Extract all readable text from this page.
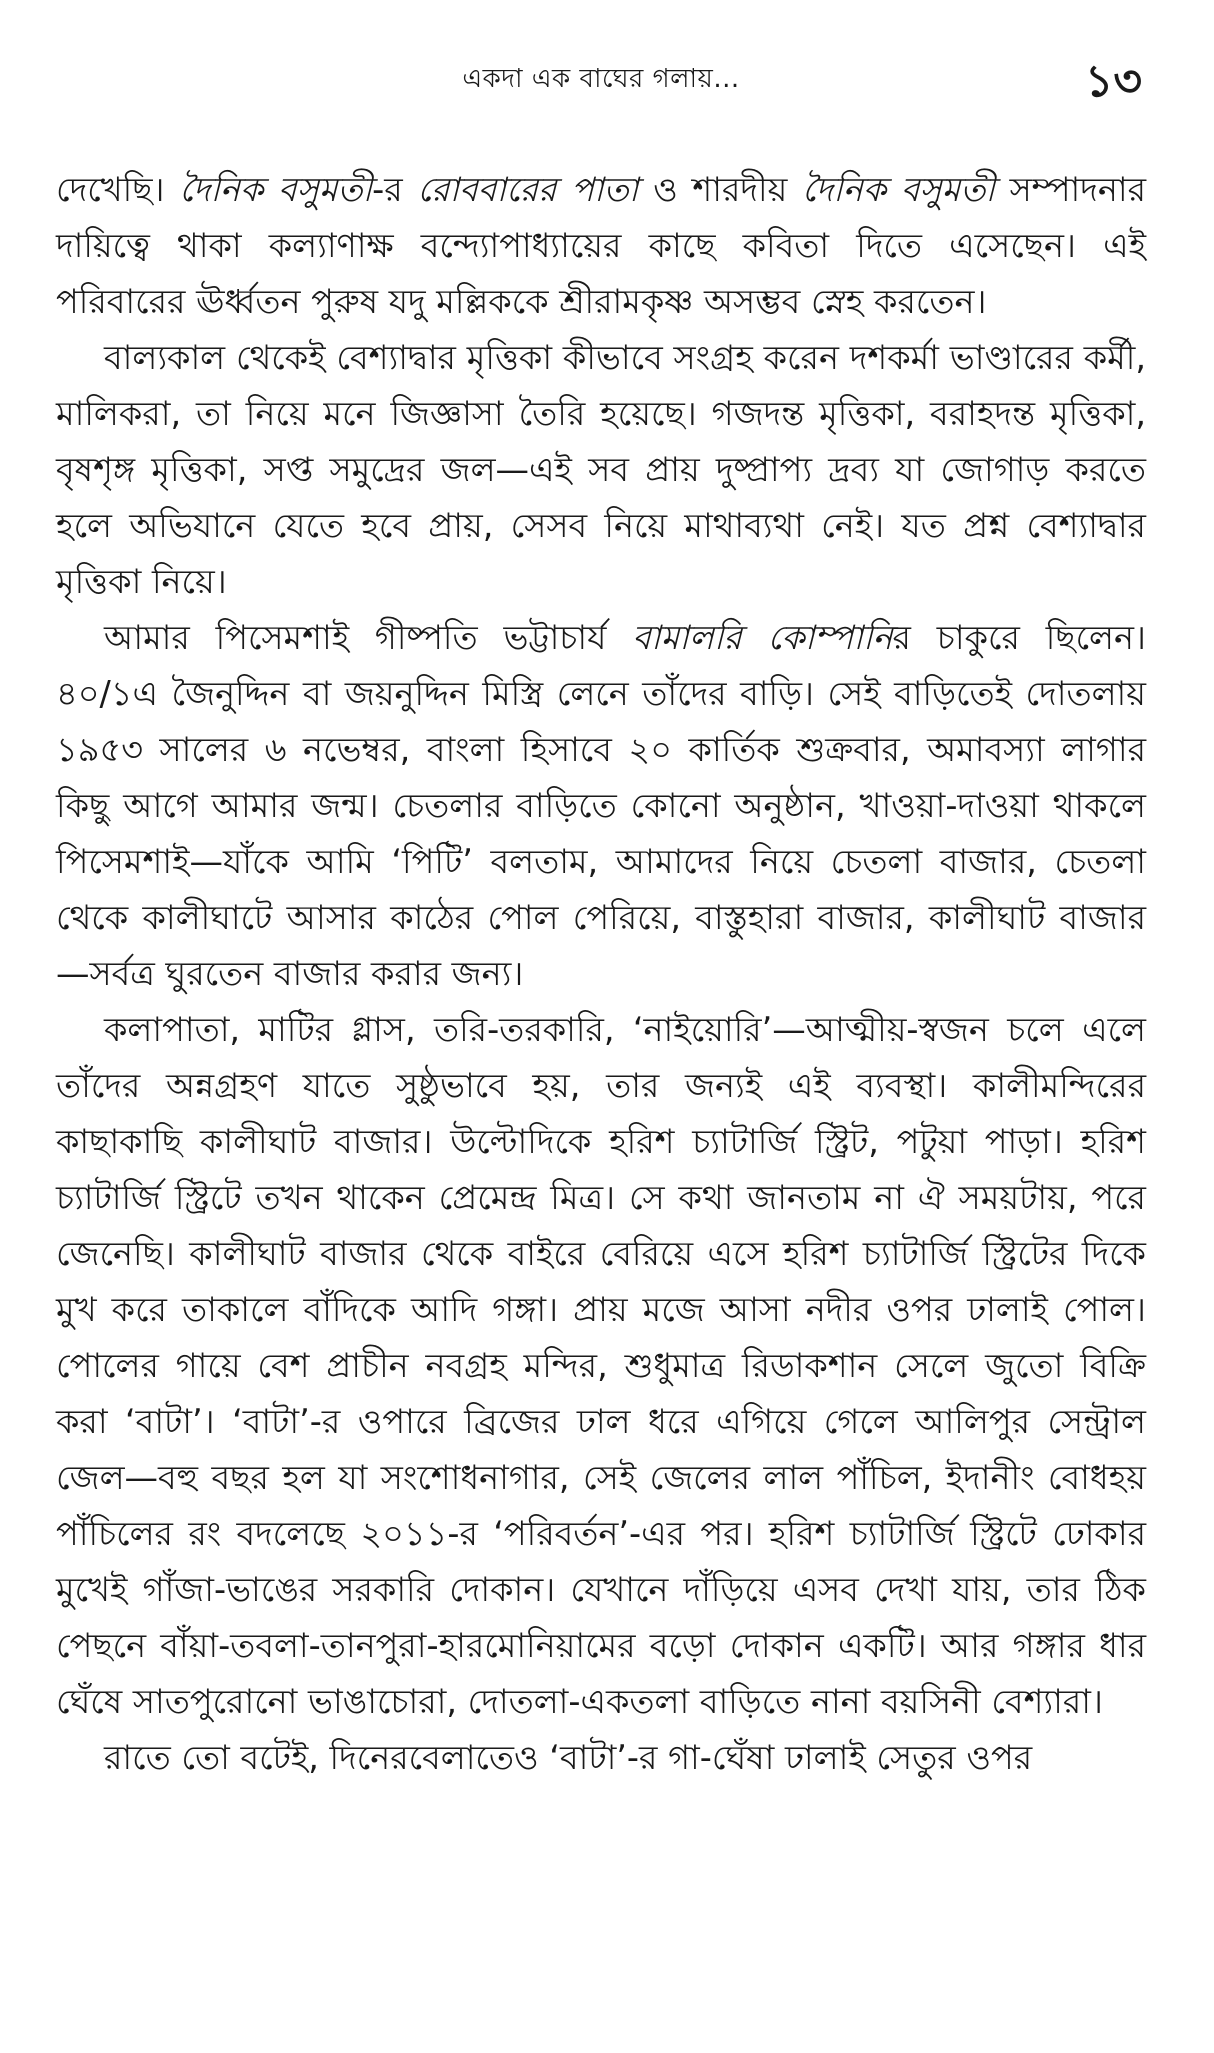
একদা এক বাঘের গলায়...	১৩

দেখেছি। দৈনিক বসুমতী-র রোববারের পাতা ও শারদীয় দৈনিক বসুমতী সম্পাদনার দায়িত্বে থাকা কল্যাণাক্ষ বন্দ্যোপাধ্যায়ের কাছে কবিতা দিতে এসেছেন। এই পরিবারের ঊর্ধ্বতন পুরুষ যদু মল্লিককে শ্রীরামকৃষ্ণ অসম্ভব স্নেহ করতেন।

বাল্যকাল থেকেই বেশ্যাদ্বার মৃত্তিকা কীভাবে সংগ্রহ করেন দশকর্মা ভাণ্ডারের কর্মী, মালিকরা, তা নিয়ে মনে জিজ্ঞাসা তৈরি হয়েছে। গজদন্ত মৃত্তিকা, বরাহদন্ত মৃত্তিকা, বৃষশৃঙ্গ মৃত্তিকা, সপ্ত সমুদ্রের জল—এই সব প্রায় দুষ্প্রাপ্য দ্রব্য যা জোগাড় করতে হলে অভিযানে যেতে হবে প্রায়, সেসব নিয়ে মাথাব্যথা নেই। যত প্রশ্ন বেশ্যাদ্বার মৃত্তিকা নিয়ে।

আমার পিসেমশাই গীষ্পতি ভট্টাচার্য বামালরি কোম্পানির চাকুরে ছিলেন। ৪০/১এ জৈনুদ্দিন বা জয়নুদ্দিন মিস্ত্রি লেনে তাঁদের বাড়ি। সেই বাড়িতেই দোতলায় ১৯৫৩ সালের ৬ নভেম্বর, বাংলা হিসাবে ২০ কার্তিক শুক্রবার, অমাবস্যা লাগার কিছু আগে আমার জন্ম। চেতলার বাড়িতে কোনো অনুষ্ঠান, খাওয়া-দাওয়া থাকলে পিসেমশাই—যাঁকে আমি ‘পিটি’ বলতাম, আমাদের নিয়ে চেতলা বাজার, চেতলা থেকে কালীঘাটে আসার কাঠের পোল পেরিয়ে, বাস্তুহারা বাজার, কালীঘাট বাজার—সর্বত্র ঘুরতেন বাজার করার জন্য।

কলাপাতা, মাটির গ্লাস, তরি-তরকারি, ‘নাইয়োরি’—আত্মীয়-স্বজন চলে এলে তাঁদের অন্নগ্রহণ যাতে সুষ্ঠুভাবে হয়, তার জন্যই এই ব্যবস্থা। কালীমন্দিরের কাছাকাছি কালীঘাট বাজার। উল্টোদিকে হরিশ চ্যাটার্জি স্ট্রিট, পটুয়া পাড়া। হরিশ চ্যাটার্জি স্ট্রিটে তখন থাকেন প্রেমেন্দ্র মিত্র। সে কথা জানতাম না ঐ সময়টায়, পরে জেনেছি। কালীঘাট বাজার থেকে বাইরে বেরিয়ে এসে হরিশ চ্যাটার্জি স্ট্রিটের দিকে মুখ করে তাকালে বাঁদিকে আদি গঙ্গা। প্রায় মজে আসা নদীর ওপর ঢালাই পোল। পোলের গায়ে বেশ প্রাচীন নবগ্রহ মন্দির, শুধুমাত্র রিডাকশান সেলে জুতো বিক্রি করা ‘বাটা’। ‘বাটা’-র ওপারে ব্রিজের ঢাল ধরে এগিয়ে গেলে আলিপুর সেন্ট্রাল জেল—বহু বছর হল যা সংশোধনাগার, সেই জেলের লাল পাঁচিল, ইদানীং বোধহয় পাঁচিলের রং বদলেছে ২০১১-র ‘পরিবর্তন’-এর পর। হরিশ চ্যাটার্জি স্ট্রিটে ঢোকার মুখেই গাঁজা-ভাঙের সরকারি দোকান। যেখানে দাঁড়িয়ে এসব দেখা যায়, তার ঠিক পেছনে বাঁয়া-তবলা-তানপুরা-হারমোনিয়ামের বড়ো দোকান একটি। আর গঙ্গার ধার ঘেঁষে সাতপুরোনো ভাঙাচোরা, দোতলা-একতলা বাড়িতে নানা বয়সিনী বেশ্যারা।

রাতে তো বটেই, দিনেরবেলাতেও ‘বাটা’-র গা-ঘেঁষা ঢালাই সেতুর ওপর
